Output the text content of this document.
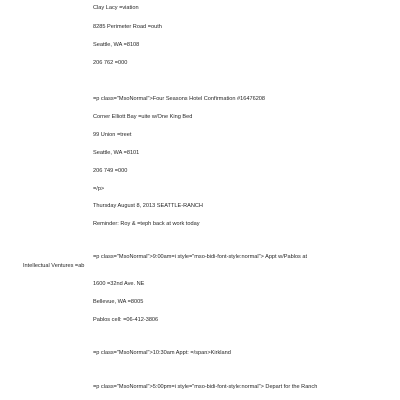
Clay Lacy =viation
8285 Perimeter Road =outh
Seattle, WA =8108
206 762 =000
=p class="MsoNormal">Four Seasons Hotel Confirmation #16476208
Corner Elliott Bay =uite w/One King Bed
99 Union =treet
Seattle, WA =8101
206 749 =000
=/p>
Thursday August 8, 2013 SEATTLE-RANCH
Reminder: Roy & =teph back at work today
=p class="MsoNormal">9:00am=i style="mso-bidi-font-style:normal"> Appt w/Pablos at
Intellectual Ventures =ab
1600 =32nd Ave. NE
Bellevue, WA =8005
Pablos cell: =06-412-3806
=p class="MsoNormal">10:30am Appt: =/span>Kirkland
=p class="MsoNormal">5:00pm=i style="mso-bidi-font-style:normal"> Depart for the Ranch
